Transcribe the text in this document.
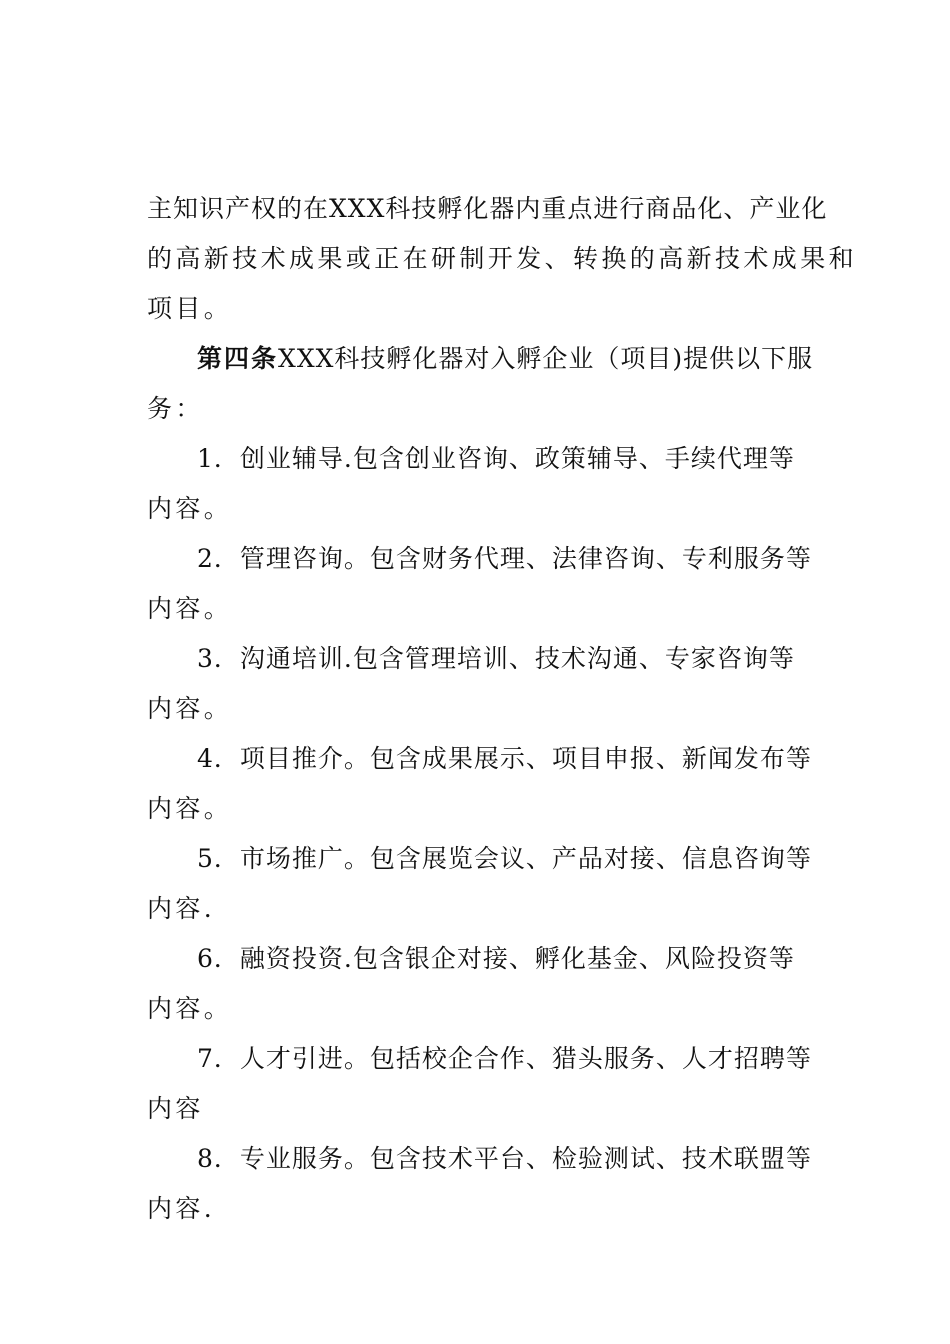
主知识产权的在XXX科技孵化器内重点进行商品化、产业化
的高新技术成果或正在研制开发、转换的高新技术成果和
项目。
第四条XXX科技孵化器对入孵企业（项目)提供以下服
务：
1．创业辅导.包含创业咨询、政策辅导、手续代理等
内容。
2．管理咨询。包含财务代理、法律咨询、专利服务等
内容。
3．沟通培训.包含管理培训、技术沟通、专家咨询等
内容。
4．项目推介。包含成果展示、项目申报、新闻发布等
内容。
5．市场推广。包含展览会议、产品对接、信息咨询等
内容.
6．融资投资.包含银企对接、孵化基金、风险投资等
内容。
7．人才引进。包括校企合作、猎头服务、人才招聘等
内容
8．专业服务。包含技术平台、检验测试、技术联盟等
内容.
